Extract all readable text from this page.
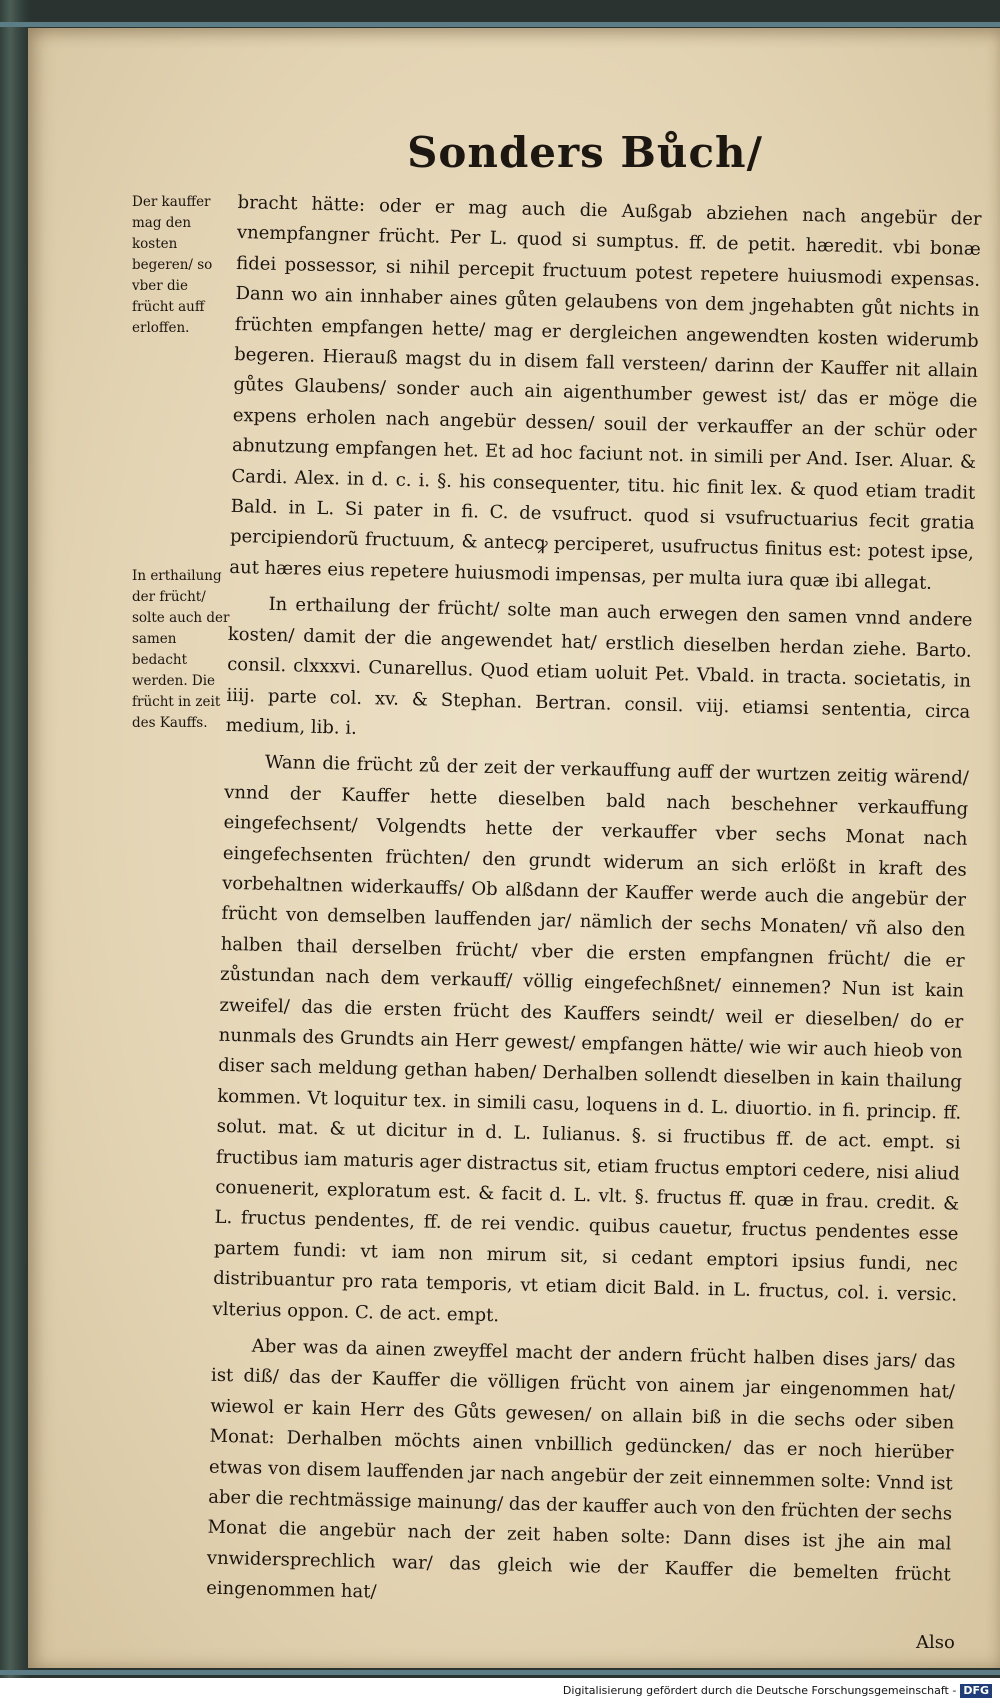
Sonders Bůch/
Der kauffer mag den kosten begeren/ so vber die frücht auff erloffen.
In erthailung der frücht/ solte auch der samen bedacht werden. Die frücht in zeit des Kauffs.

bracht hätte: oder er mag auch die Außgab abziehen nach angebür der vnempfangner frücht. Per L. quod si sumptus. ff. de petit. hæredit. vbi bonæ fidei possessor, si nihil percepit fructuum potest repetere huiusmodi expensas. Dann wo ain innhaber aines gůten gelaubens von dem jngehabten gůt nichts in früchten empfangen hette/ mag er dergleichen angewendten kosten widerumb begeren. Hierauß magst du in disem fall versteen/ darinn der Kauffer nit allain gůtes Glaubens/ sonder auch ain aigenthumber gewest ist/ das er möge die expens erholen nach angebür dessen/ souil der verkauffer an der schür oder abnutzung empfangen het. Et ad hoc faciunt not. in simili per And. Iser. Aluar. & Cardi. Alex. in d. c. i. §. his consequenter, titu. hic finit lex. & quod etiam tradit Bald. in L. Si pater in fi. C. de vsufruct. quod si vsufructuarius fecit gratia percipiendorũ fructuum, & antecꝙ perciperet, usufructus finitus est: potest ipse, aut hæres eius repetere huiusmodi impensas, per multa iura quæ ibi allegat.

In erthailung der frücht/ solte man auch erwegen den samen vnnd andere kosten/ damit der die angewendet hat/ erstlich dieselben herdan ziehe. Barto. consil. clxxxvi. Cunarellus. Quod etiam uoluit Pet. Vbald. in tracta. societatis, in iiij. parte col. xv. & Stephan. Bertran. consil. viij. etiamsi sententia, circa medium, lib. i.

Wann die frücht zů der zeit der verkauffung auff der wurtzen zeitig wärend/ vnnd der Kauffer hette dieselben bald nach beschehner verkauffung eingefechsent/ Volgendts hette der verkauffer vber sechs Monat nach eingefechsenten früchten/ den grundt widerum an sich erlößt in kraft des vorbehaltnen widerkauffs/ Ob alßdann der Kauffer werde auch die angebür der frücht von demselben lauffenden jar/ nämlich der sechs Monaten/ vñ also den halben thail derselben frücht/ vber die ersten empfangnen frücht/ die er zůstundan nach dem verkauff/ völlig eingefechßnet/ einnemen? Nun ist kain zweifel/ das die ersten frücht des Kauffers seindt/ weil er dieselben/ do er nunmals des Grundts ain Herr gewest/ empfangen hätte/ wie wir auch hieob von diser sach meldung gethan haben/ Derhalben sollendt dieselben in kain thailung kommen. Vt loquitur tex. in simili casu, loquens in d. L. diuortio. in fi. princip. ff. solut. mat. & ut dicitur in d. L. Iulianus. §. si fructibus ff. de act. empt. si fructibus iam maturis ager distractus sit, etiam fructus emptori cedere, nisi aliud conuenerit, exploratum est. & facit d. L. vlt. §. fructus ff. quæ in frau. credit. & L. fructus pendentes, ff. de rei vendic. quibus cauetur, fructus pendentes esse partem fundi: vt iam non mirum sit, si cedant emptori ipsius fundi, nec distribuantur pro rata temporis, vt etiam dicit Bald. in L. fructus, col. i. versic. vlterius oppon. C. de act. empt.

Aber was da ainen zweyffel macht der andern frücht halben dises jars/ das ist diß/ das der Kauffer die völligen frücht von ainem jar eingenommen hat/ wiewol er kain Herr des Gůts gewesen/ on allain biß in die sechs oder siben Monat: Derhalben möchts ainen vnbillich gedüncken/ das er noch hierüber etwas von disem lauffenden jar nach angebür der zeit einnemmen solte: Vnnd ist aber die rechtmässige mainung/ das der kauffer auch von den früchten der sechs Monat die angebür nach der zeit haben solte: Dann dises ist jhe ain mal vnwidersprechlich war/ das gleich wie der Kauffer die bemelten frücht eingenommen hat/

Also
Digitalisierung gefördert durch die Deutsche Forschungsgemeinschaft - DFG
